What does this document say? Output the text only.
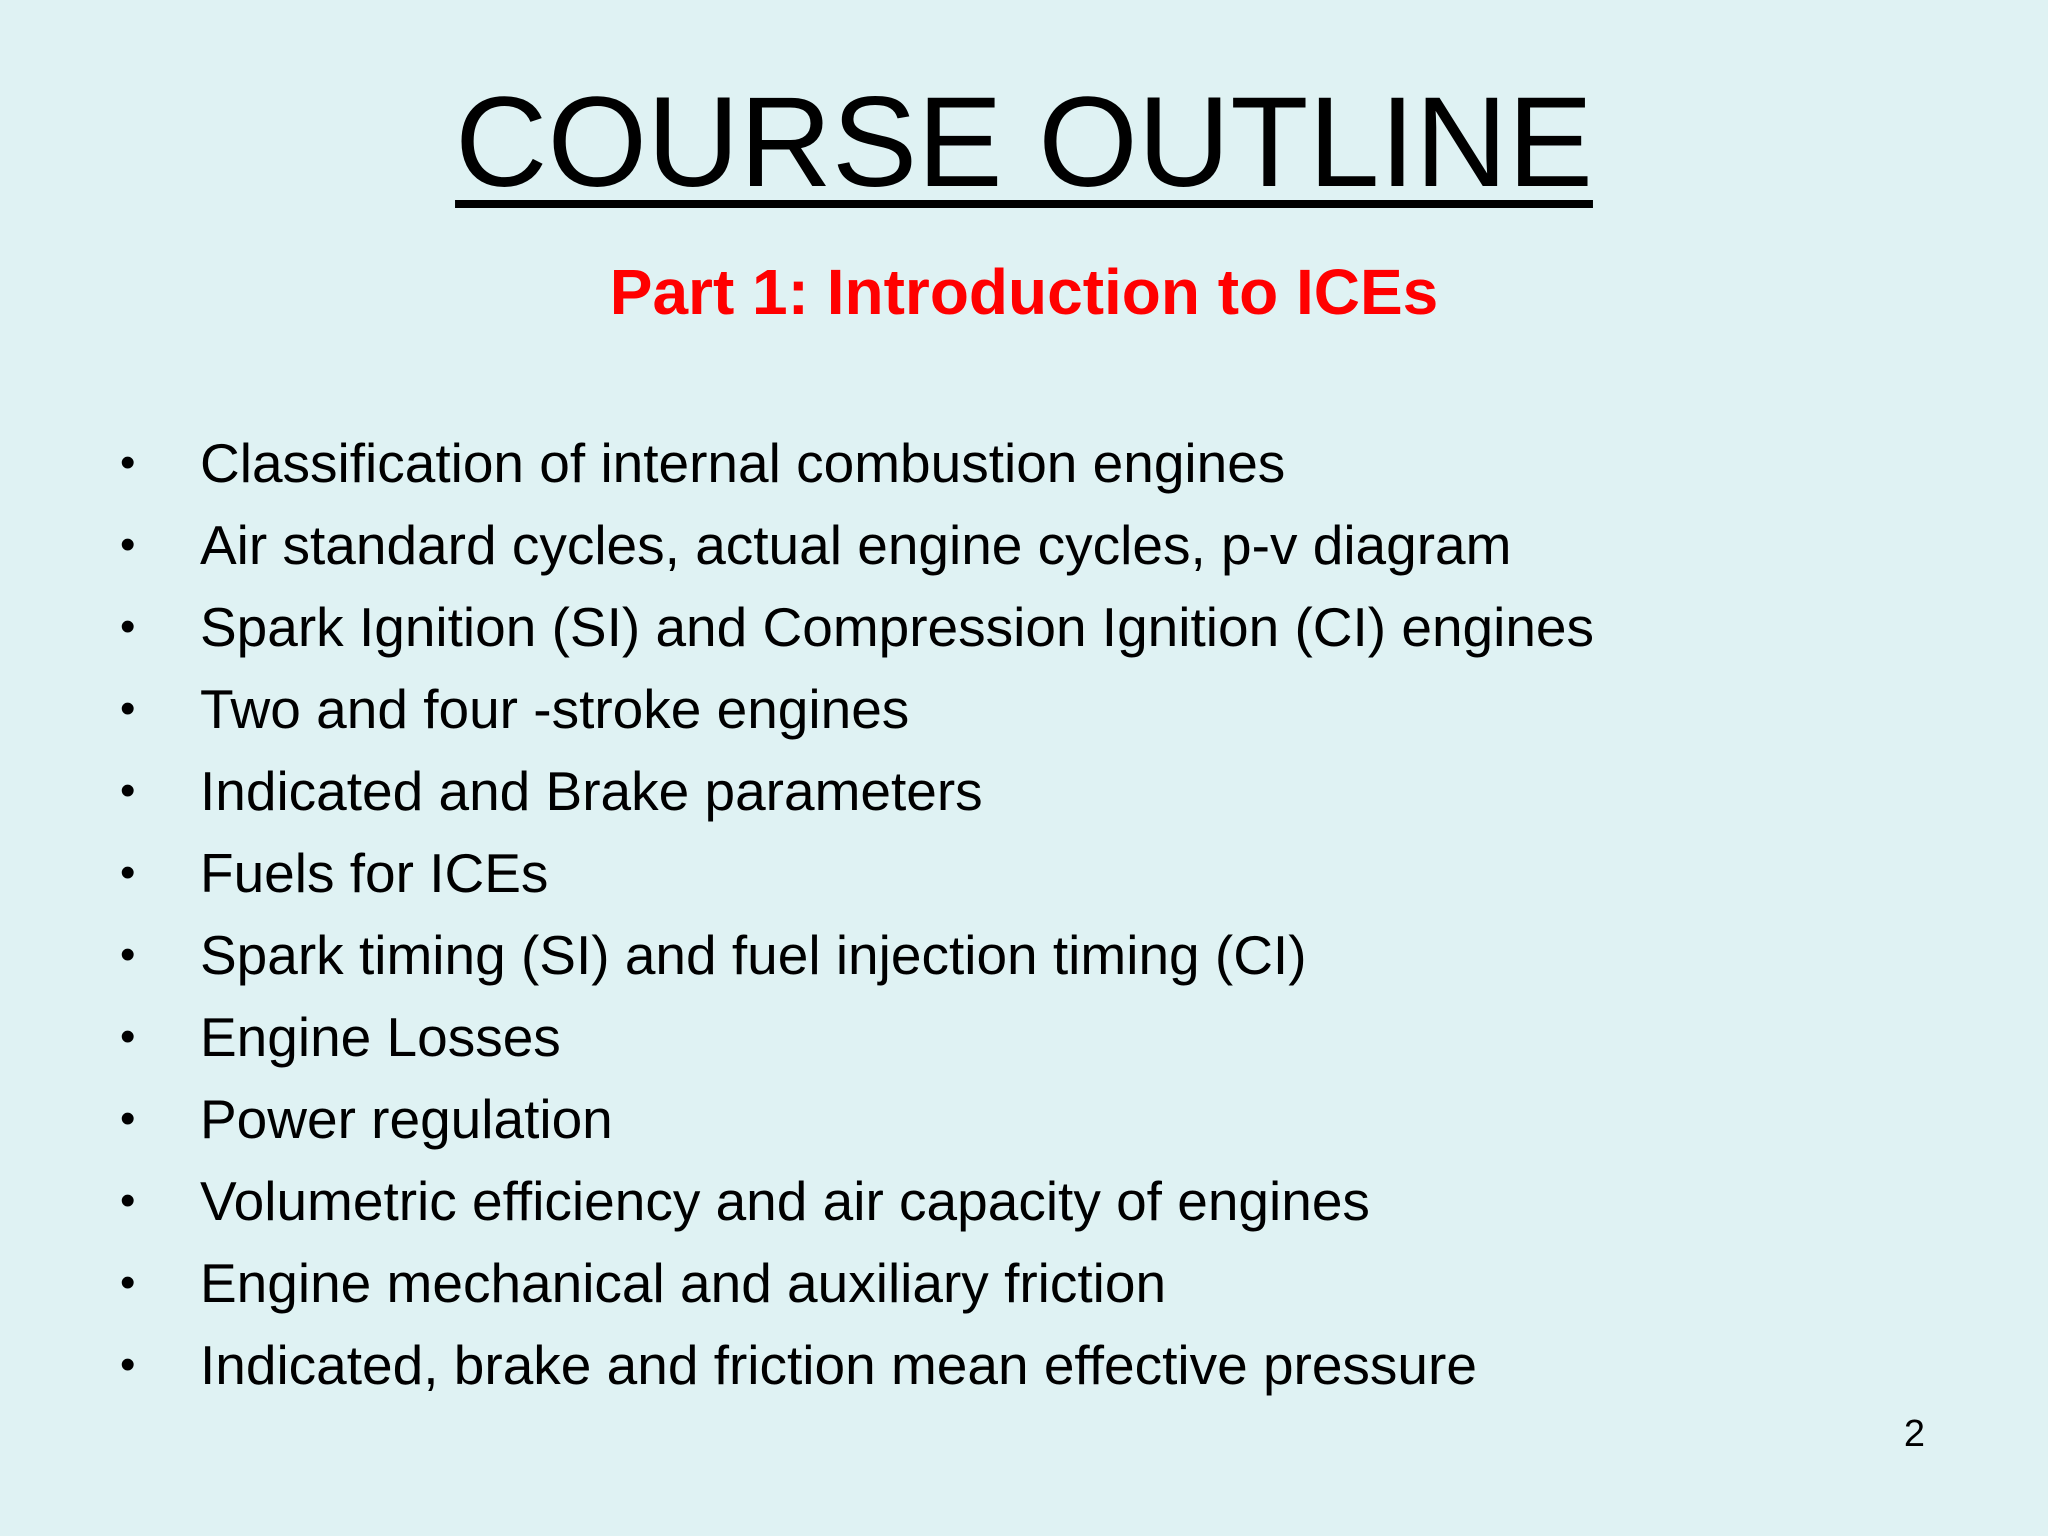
COURSE OUTLINE
Part 1: Introduction to ICEs
• Classification of internal combustion engines
• Air standard cycles, actual engine cycles, p-v diagram
• Spark Ignition (SI) and Compression Ignition (CI) engines
• Two and four -stroke engines
• Indicated and Brake parameters
• Fuels for ICEs
• Spark timing (SI) and fuel injection timing (CI)
• Engine Losses
• Power regulation
• Volumetric efficiency and air capacity of engines
• Engine mechanical and auxiliary friction
• Indicated, brake and friction mean effective pressure
2
